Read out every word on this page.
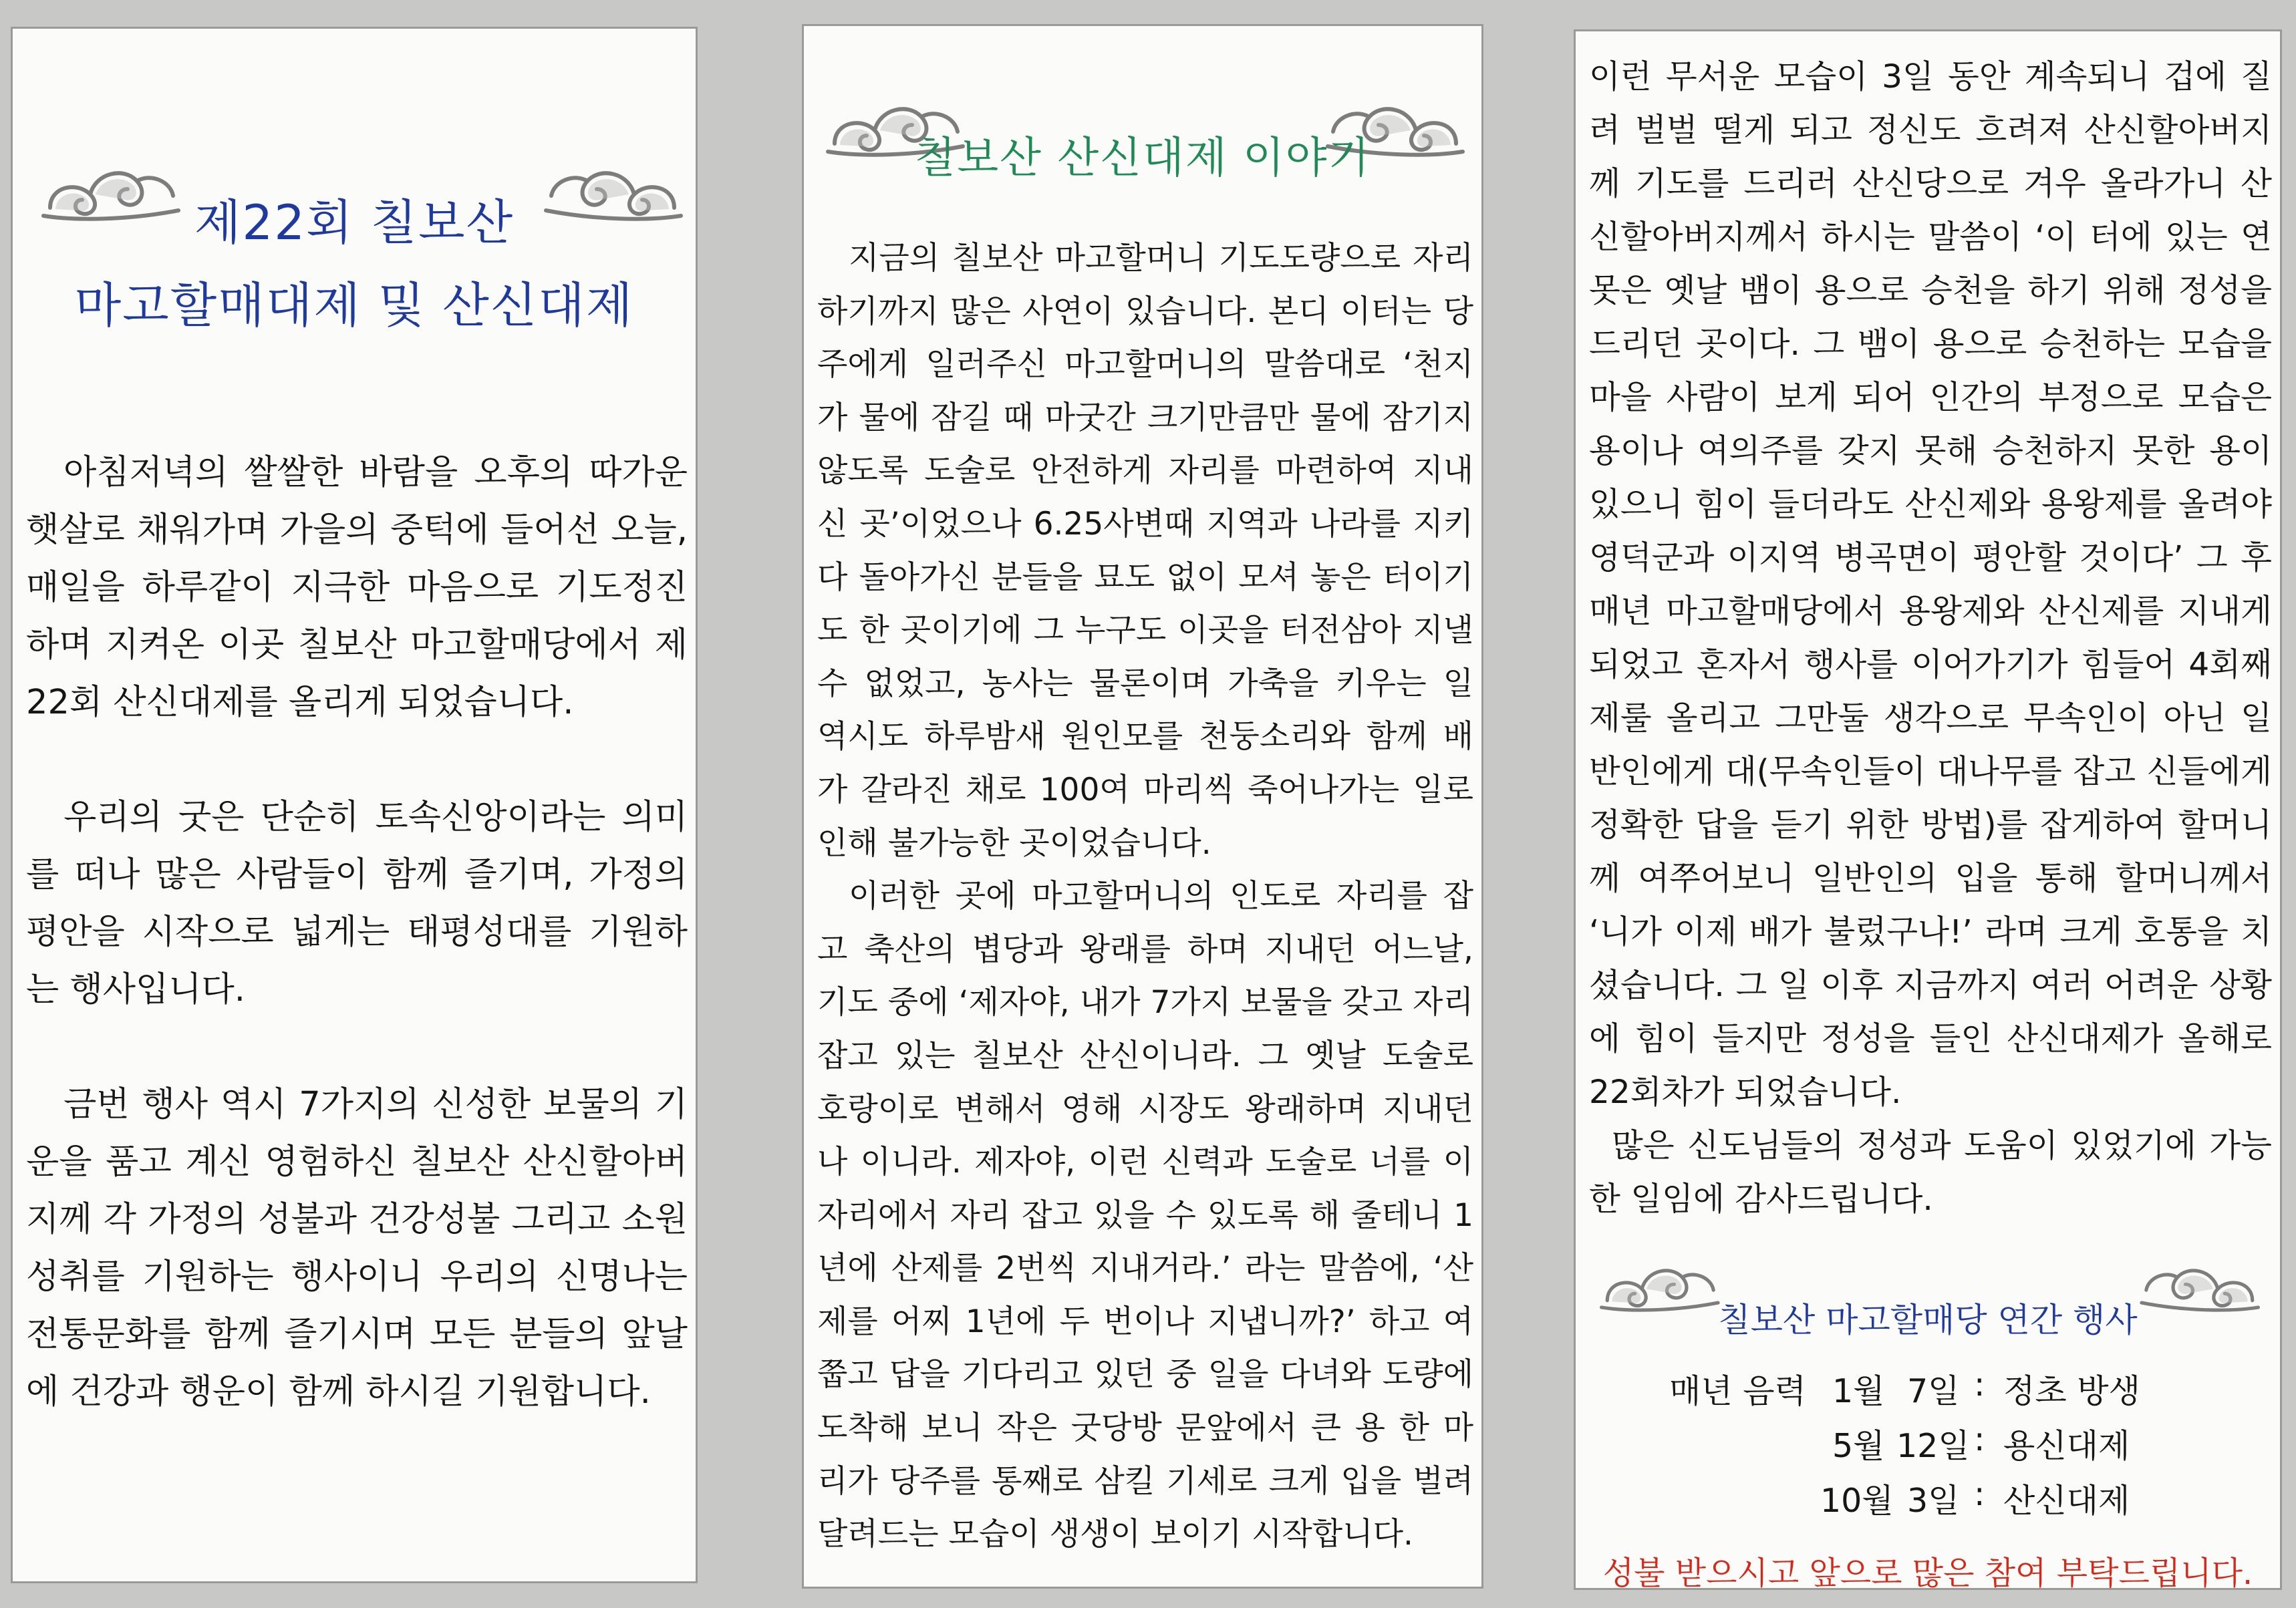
제22회 칠보산
마고할매대제 및 산신대제

아침저녁의 쌀쌀한 바람을 오후의 따가운 햇살로 채워가며 가을의 중턱에 들어선 오늘, 매일을 하루같이 지극한 마음으로 기도정진하며 지켜온 이곳 칠보산 마고할매당에서 제22회 산신대제를 올리게 되었습니다.

우리의 굿은 단순히 토속신앙이라는 의미를 떠나 많은 사람들이 함께 즐기며, 가정의 평안을 시작으로 넓게는 태평성대를 기원하는 행사입니다.

금번 행사 역시 7가지의 신성한 보물의 기운을 품고 계신 영험하신 칠보산 산신할아버지께 각 가정의 성불과 건강성불 그리고 소원성취를 기원하는 행사이니 우리의 신명나는 전통문화를 함께 즐기시며 모든 분들의 앞날에 건강과 행운이 함께 하시길 기원합니다.

칠보산 산신대제 이야기

지금의 칠보산 마고할머니 기도도량으로 자리하기까지 많은 사연이 있습니다. 본디 이터는 당주에게 일러주신 마고할머니의 말씀대로 ‘천지가 물에 잠길 때 마굿간 크기만큼만 물에 잠기지 않도록 도술로 안전하게 자리를 마련하여 지내신 곳’이었으나 6.25사변때 지역과 나라를 지키다 돌아가신 분들을 묘도 없이 모셔 놓은 터이기도 한 곳이기에 그 누구도 이곳을 터전삼아 지낼 수 없었고, 농사는 물론이며 가축을 키우는 일 역시도 하루밤새 원인모를 천둥소리와 함께 배가 갈라진 채로 100여 마리씩 죽어나가는 일로 인해 불가능한 곳이었습니다.

이러한 곳에 마고할머니의 인도로 자리를 잡고 축산의 볍당과 왕래를 하며 지내던 어느날, 기도 중에 ‘제자야, 내가 7가지 보물을 갖고 자리잡고 있는 칠보산 산신이니라. 그 옛날 도술로 호랑이로 변해서 영해 시장도 왕래하며 지내던 나 이니라. 제자야, 이런 신력과 도술로 너를 이 자리에서 자리 잡고 있을 수 있도록 해 줄테니 1년에 산제를 2번씩 지내거라.’ 라는 말씀에, ‘산제를 어찌 1년에 두 번이나 지냅니까?’ 하고 여쭙고 답을 기다리고 있던 중 일을 다녀와 도량에 도착해 보니 작은 굿당방 문앞에서 큰 용 한 마리가 당주를 통째로 삼킬 기세로 크게 입을 벌려 달려드는 모습이 생생이 보이기 시작합니다.

이런 무서운 모습이 3일 동안 계속되니 겁에 질려 벌벌 떨게 되고 정신도 흐려져 산신할아버지께 기도를 드리러 산신당으로 겨우 올라가니 산신할아버지께서 하시는 말씀이 ‘이 터에 있는 연못은 옛날 뱀이 용으로 승천을 하기 위해 정성을 드리던 곳이다. 그 뱀이 용으로 승천하는 모습을 마을 사람이 보게 되어 인간의 부정으로 모습은 용이나 여의주를 갖지 못해 승천하지 못한 용이 있으니 힘이 들더라도 산신제와 용왕제를 올려야 영덕군과 이지역 병곡면이 평안할 것이다’ 그 후 매년 마고할매당에서 용왕제와 산신제를 지내게 되었고 혼자서 행사를 이어가기가 힘들어 4회째 제룰 올리고 그만둘 생각으로 무속인이 아닌 일반인에게 대(무속인들이 대나무를 잡고 신들에게 정확한 답을 듣기 위한 방법)를 잡게하여 할머니께 여쭈어보니 일반인의 입을 통해 할머니께서 ‘니가 이제 배가 불렀구나!’ 라며 크게 호통을 치셨습니다. 그 일 이후 지금까지 여러 어려운 상황에 힘이 들지만 정성을 들인 산신대제가 올해로 22회차가 되었습니다.

많은 신도님들의 정성과 도움이 있었기에 가능한 일임에 감사드립니다.

칠보산 마고할매당 연간 행사
매년 음력 1월 7일 : 정초 방생
5월 12일 : 용신대제
10월 3일 : 산신대제
성불 받으시고 앞으로 많은 참여 부탁드립니다.
